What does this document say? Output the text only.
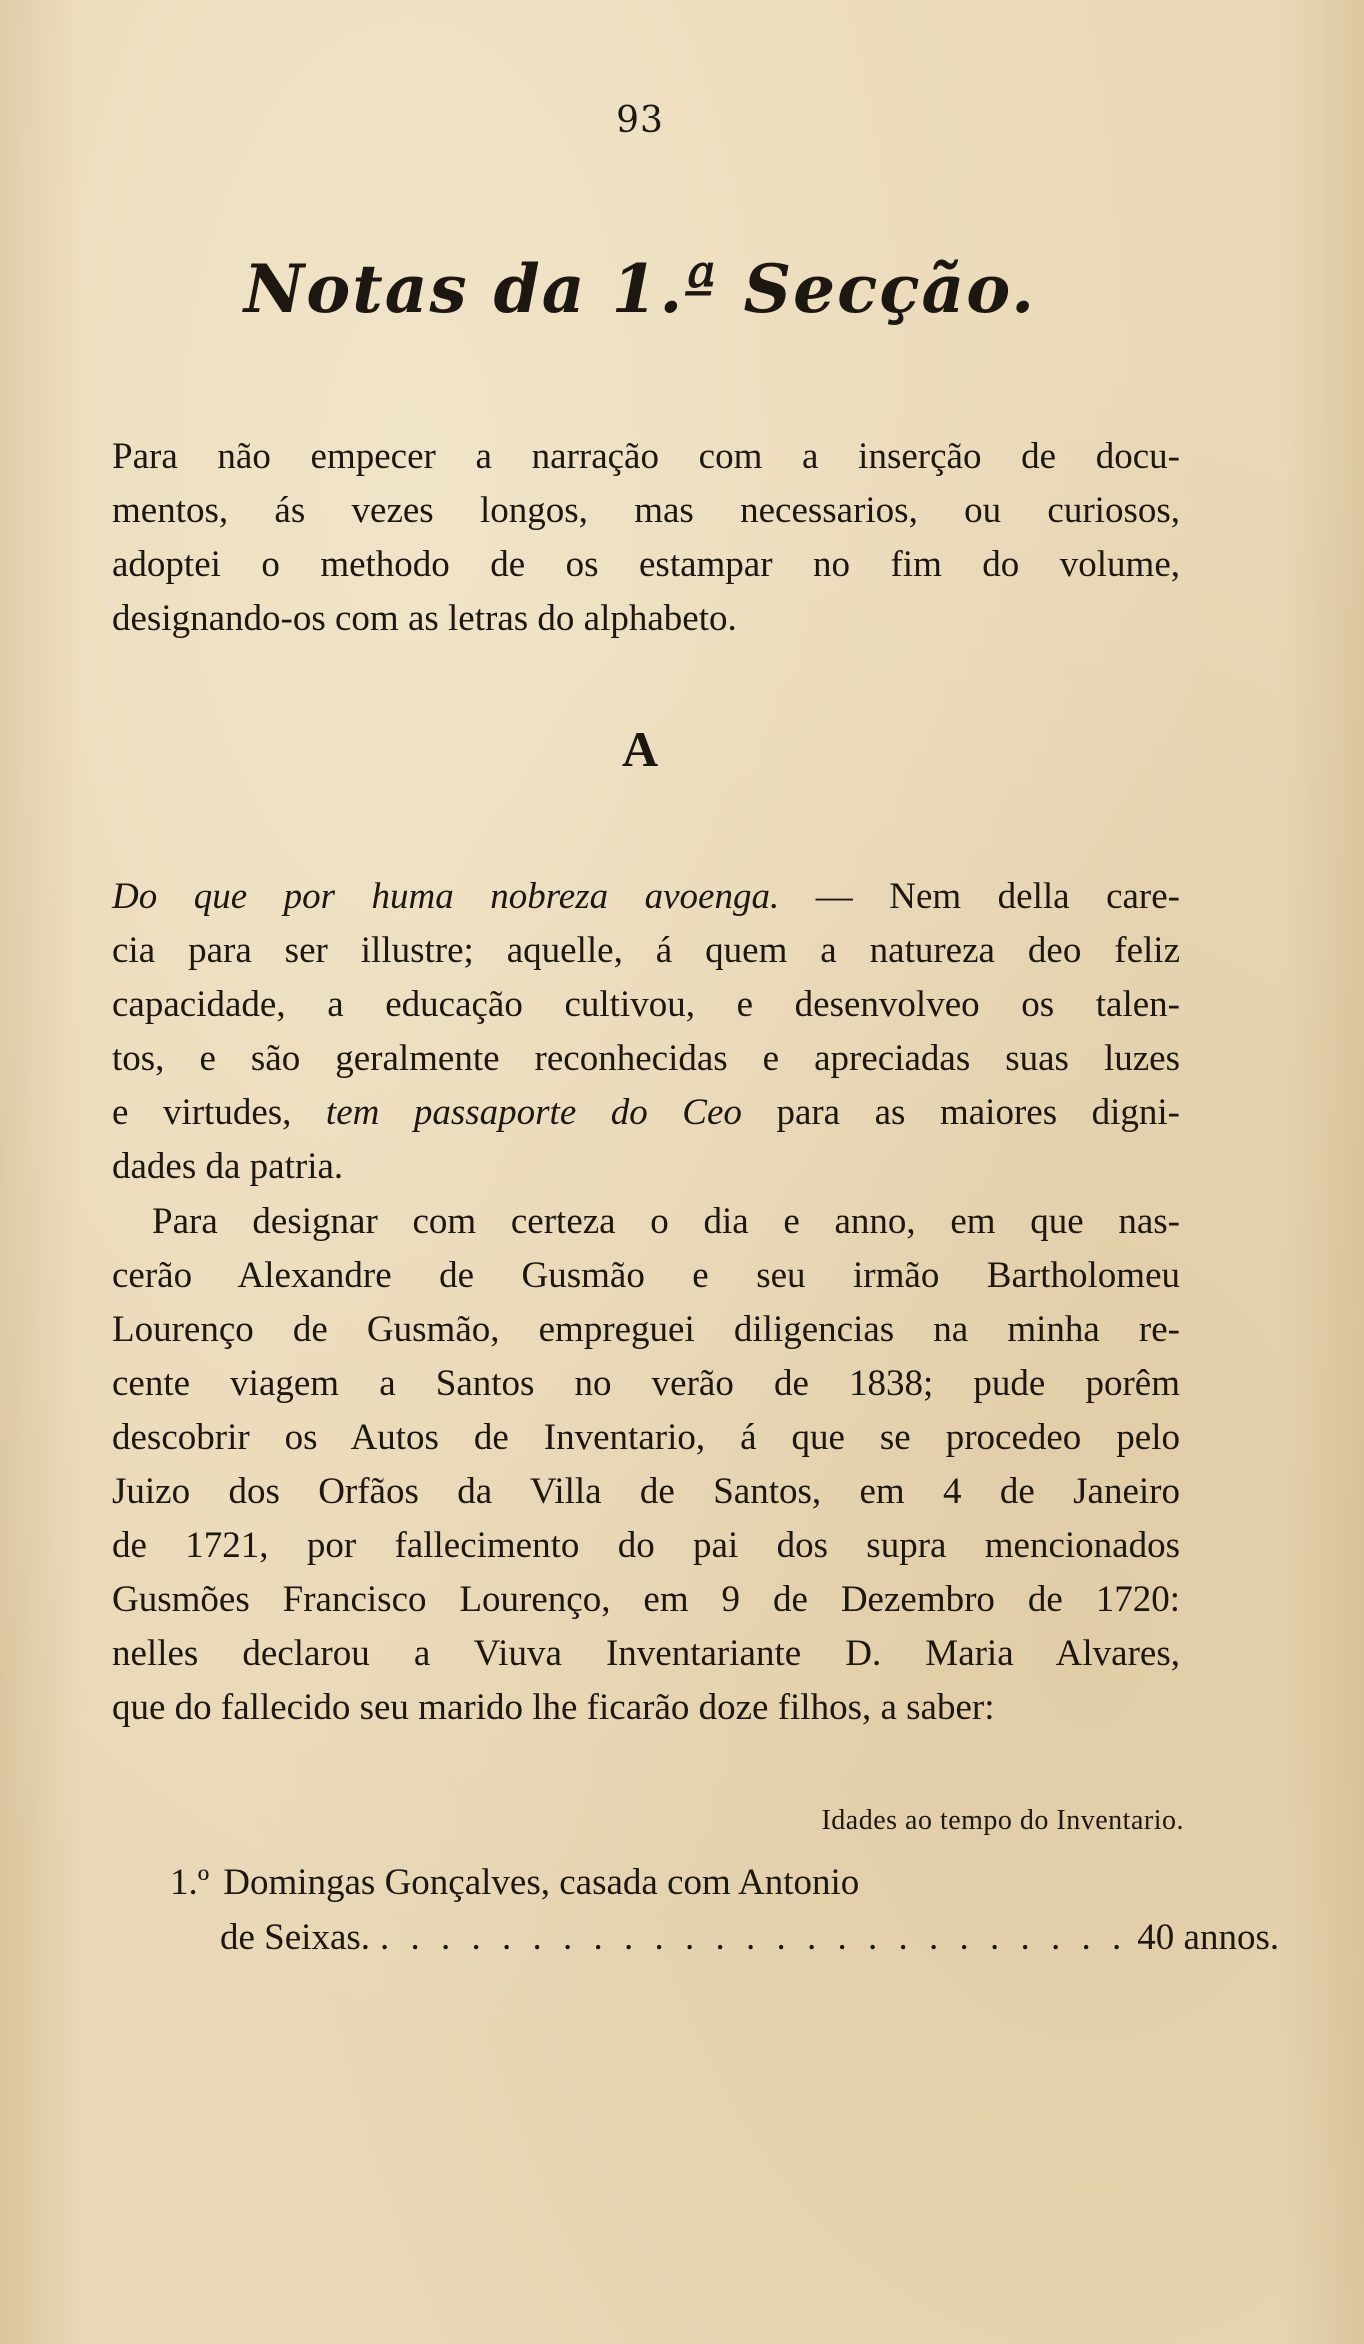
93
Notas da 1.ª Secção.
Para não empecer a narração com a inserção de docu-
mentos, ás vezes longos, mas necessarios, ou curiosos,
adoptei o methodo de os estampar no fim do volume,
designando-os com as letras do alphabeto.
A
Do que por huma nobreza avoenga. — Nem della care-
cia para ser illustre; aquelle, á quem a natureza deo feliz
capacidade, a educação cultivou, e desenvolveo os talen-
tos, e são geralmente reconhecidas e apreciadas suas luzes
e virtudes, tem passaporte do Ceo para as maiores digni-
dades da patria.
Para designar com certeza o dia e anno, em que nas-
cerão Alexandre de Gusmão e seu irmão Bartholomeu
Lourenço de Gusmão, empreguei diligencias na minha re-
cente viagem a Santos no verão de 1838; pude porêm
descobrir os Autos de Inventario, á que se procedeo pelo
Juizo dos Orfãos da Villa de Santos, em 4 de Janeiro
de 1721, por fallecimento do pai dos supra mencionados
Gusmões Francisco Lourenço, em 9 de Dezembro de 1720:
nelles declarou a Viuva Inventariante D. Maria Alvares,
que do fallecido seu marido lhe ficarão doze filhos, a saber:
Idades ao tempo do Inventario.
1.º Domingas Gonçalves, casada com Antonio
de Seixas. . . . . . . . . . . . . . . . . . . . . . . . . . 40 annos.
